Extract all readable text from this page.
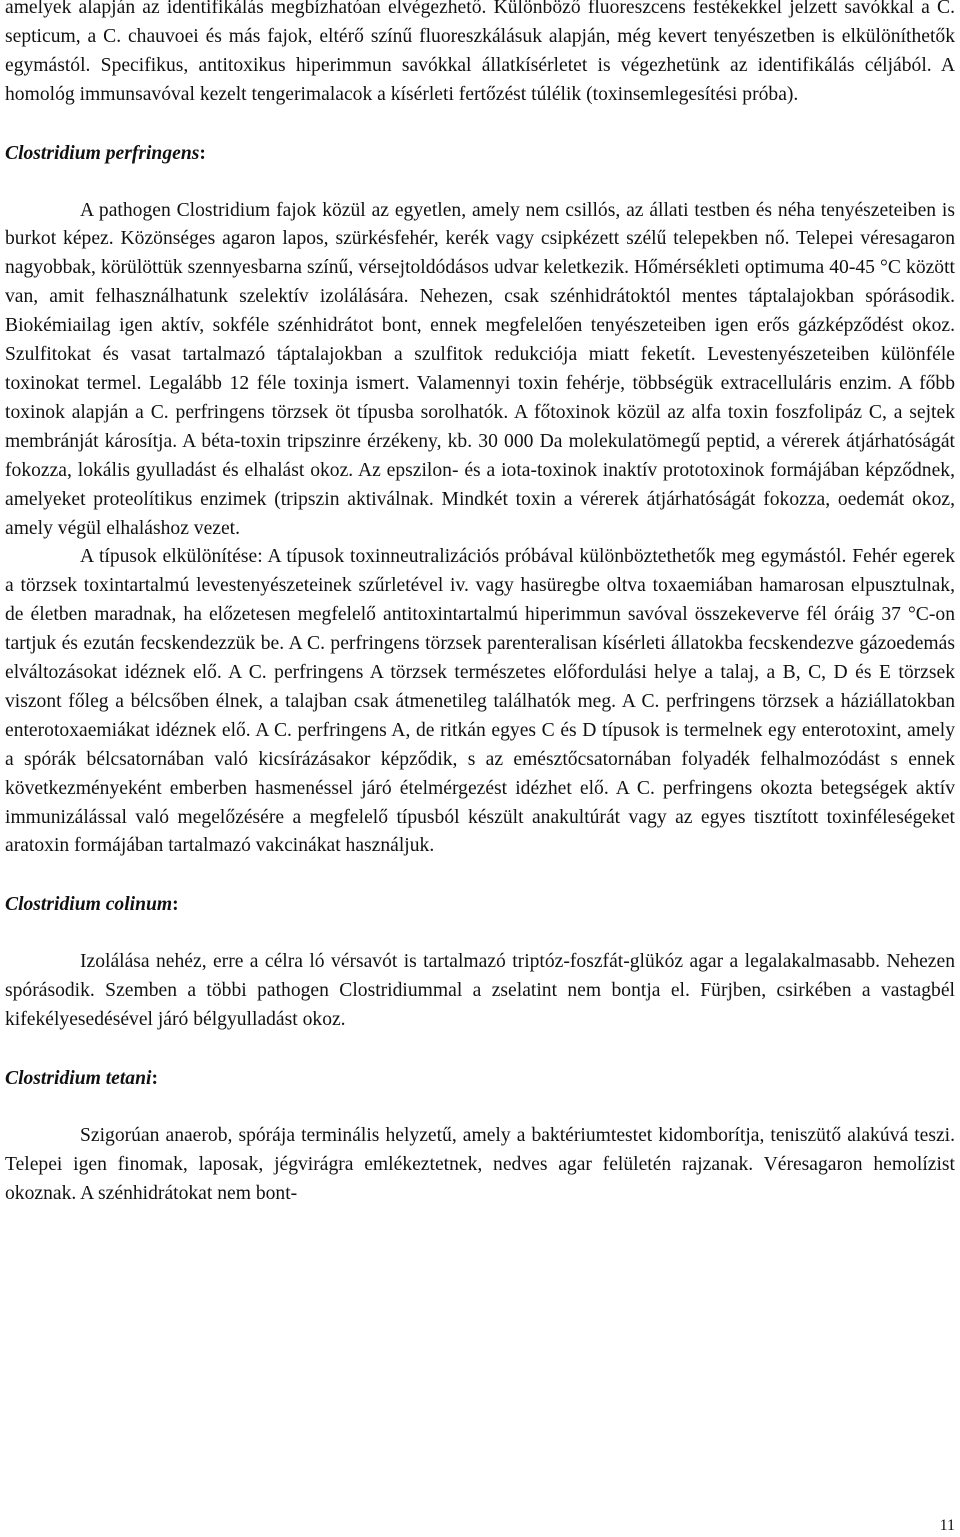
amelyek alapján az identifikálás megbízhatóan elvégezhető. Különböző fluoreszcens festékekkel jelzett savókkal a C. septicum, a C. chauvoei és más fajok, eltérő színű fluoreszkálásuk alapján, még kevert tenyészetben is elkülöníthetők egymástól. Specifikus, antitoxikus hiperimmun savókkal állatkísérletet is végezhetünk az identifikálás céljából. A homológ immunsavóval kezelt tengerimalacok a kísérleti fertőzést túlélik (toxinsemlegesítési próba).

Clostridium perfringens:

A pathogen Clostridium fajok közül az egyetlen, amely nem csillós, az állati testben és néha tenyészeteiben is burkot képez. Közönséges agaron lapos, szürkésfehér, kerék vagy csipkézett szélű telepekben nő. Telepei véresagaron nagyobbak, körülöttük szennyesbarna színű, vérsejtoldódásos udvar keletkezik. Hőmérsékleti optimuma 40-45 °C között van, amit felhasználhatunk szelektív izolálására. Nehezen, csak szénhidrátoktól mentes táptalajokban spórásodik. Biokémiailag igen aktív, sokféle szénhidrátot bont, ennek megfelelően tenyészeteiben igen erős gázképződést okoz. Szulfitokat és vasat tartalmazó táptalajokban a szulfitok redukciója miatt feketít. Levestenyészeteiben különféle toxinokat termel. Legalább 12 féle toxinja ismert. Valamennyi toxin fehérje, többségük extracelluláris enzim. A főbb toxinok alapján a C. perfringens törzsek öt típusba sorolhatók. A főtoxinok közül az alfa toxin foszfolipáz C, a sejtek membránját károsítja. A béta-toxin tripszinre érzékeny, kb. 30 000 Da molekulatömegű peptid, a vérerek átjárhatóságát fokozza, lokális gyulladást és elhalást okoz. Az epszilon- és a iota-toxinok inaktív prototoxinok formájában képződnek, amelyeket proteolítikus enzimek (tripszin aktiválnak. Mindkét toxin a vérerek átjárhatóságát fokozza, oedemát okoz, amely végül elhaláshoz vezet.

A típusok elkülönítése: A típusok toxinneutralizációs próbával különböztethetők meg egymástól. Fehér egerek a törzsek toxintartalmú levestenyészeteinek szűrletével iv. vagy hasüregbe oltva toxaemiában hamarosan elpusztulnak, de életben maradnak, ha előzetesen megfelelő antitoxintartalmú hiperimmun savóval összekeverve fél óráig 37 °C-on tartjuk és ezután fecskendezzük be. A C. perfringens törzsek parenteralisan kísérleti állatokba fecskendezve gázoedemás elváltozásokat idéznek elő. A C. perfringens A törzsek természetes előfordulási helye a talaj, a B, C, D és E törzsek viszont főleg a bélcsőben élnek, a talajban csak átmenetileg találhatók meg. A C. perfringens törzsek a háziállatokban enterotoxaemiákat idéznek elő. A C. perfringens A, de ritkán egyes C és D típusok is termelnek egy enterotoxint, amely a spórák bélcsatornában való kicsírázásakor képződik, s az emésztőcsatornában folyadék felhalmozódást s ennek következményeként emberben hasmenéssel járó ételmérgezést idézhet elő. A C. perfringens okozta betegségek aktív immunizálással való megelőzésére a megfelelő típusból készült anakultúrát vagy az egyes tisztított toxinféleségeket aratoxin formájában tartalmazó vakcinákat használjuk.

Clostridium colinum:

Izolálása nehéz, erre a célra ló vérsavót is tartalmazó triptóz-foszfát-glükóz agar a legalakalmasabb. Nehezen spórásodik. Szemben a többi pathogen Clostridiummal a zselatint nem bontja el. Fürjben, csirkében a vastagbél kifekélyesedésével járó bélgyulladást okoz.

Clostridium tetani:

Szigorúan anaerob, spórája terminális helyzetű, amely a baktériumtestet kidomborítja, teniszütő alakúvá teszi. Telepei igen finomak, laposak, jégvirágra emlékeztetnek, nedves agar felületén rajzanak. Véresagaron hemolízist okoznak. A szénhidrátokat nem bont-

11
